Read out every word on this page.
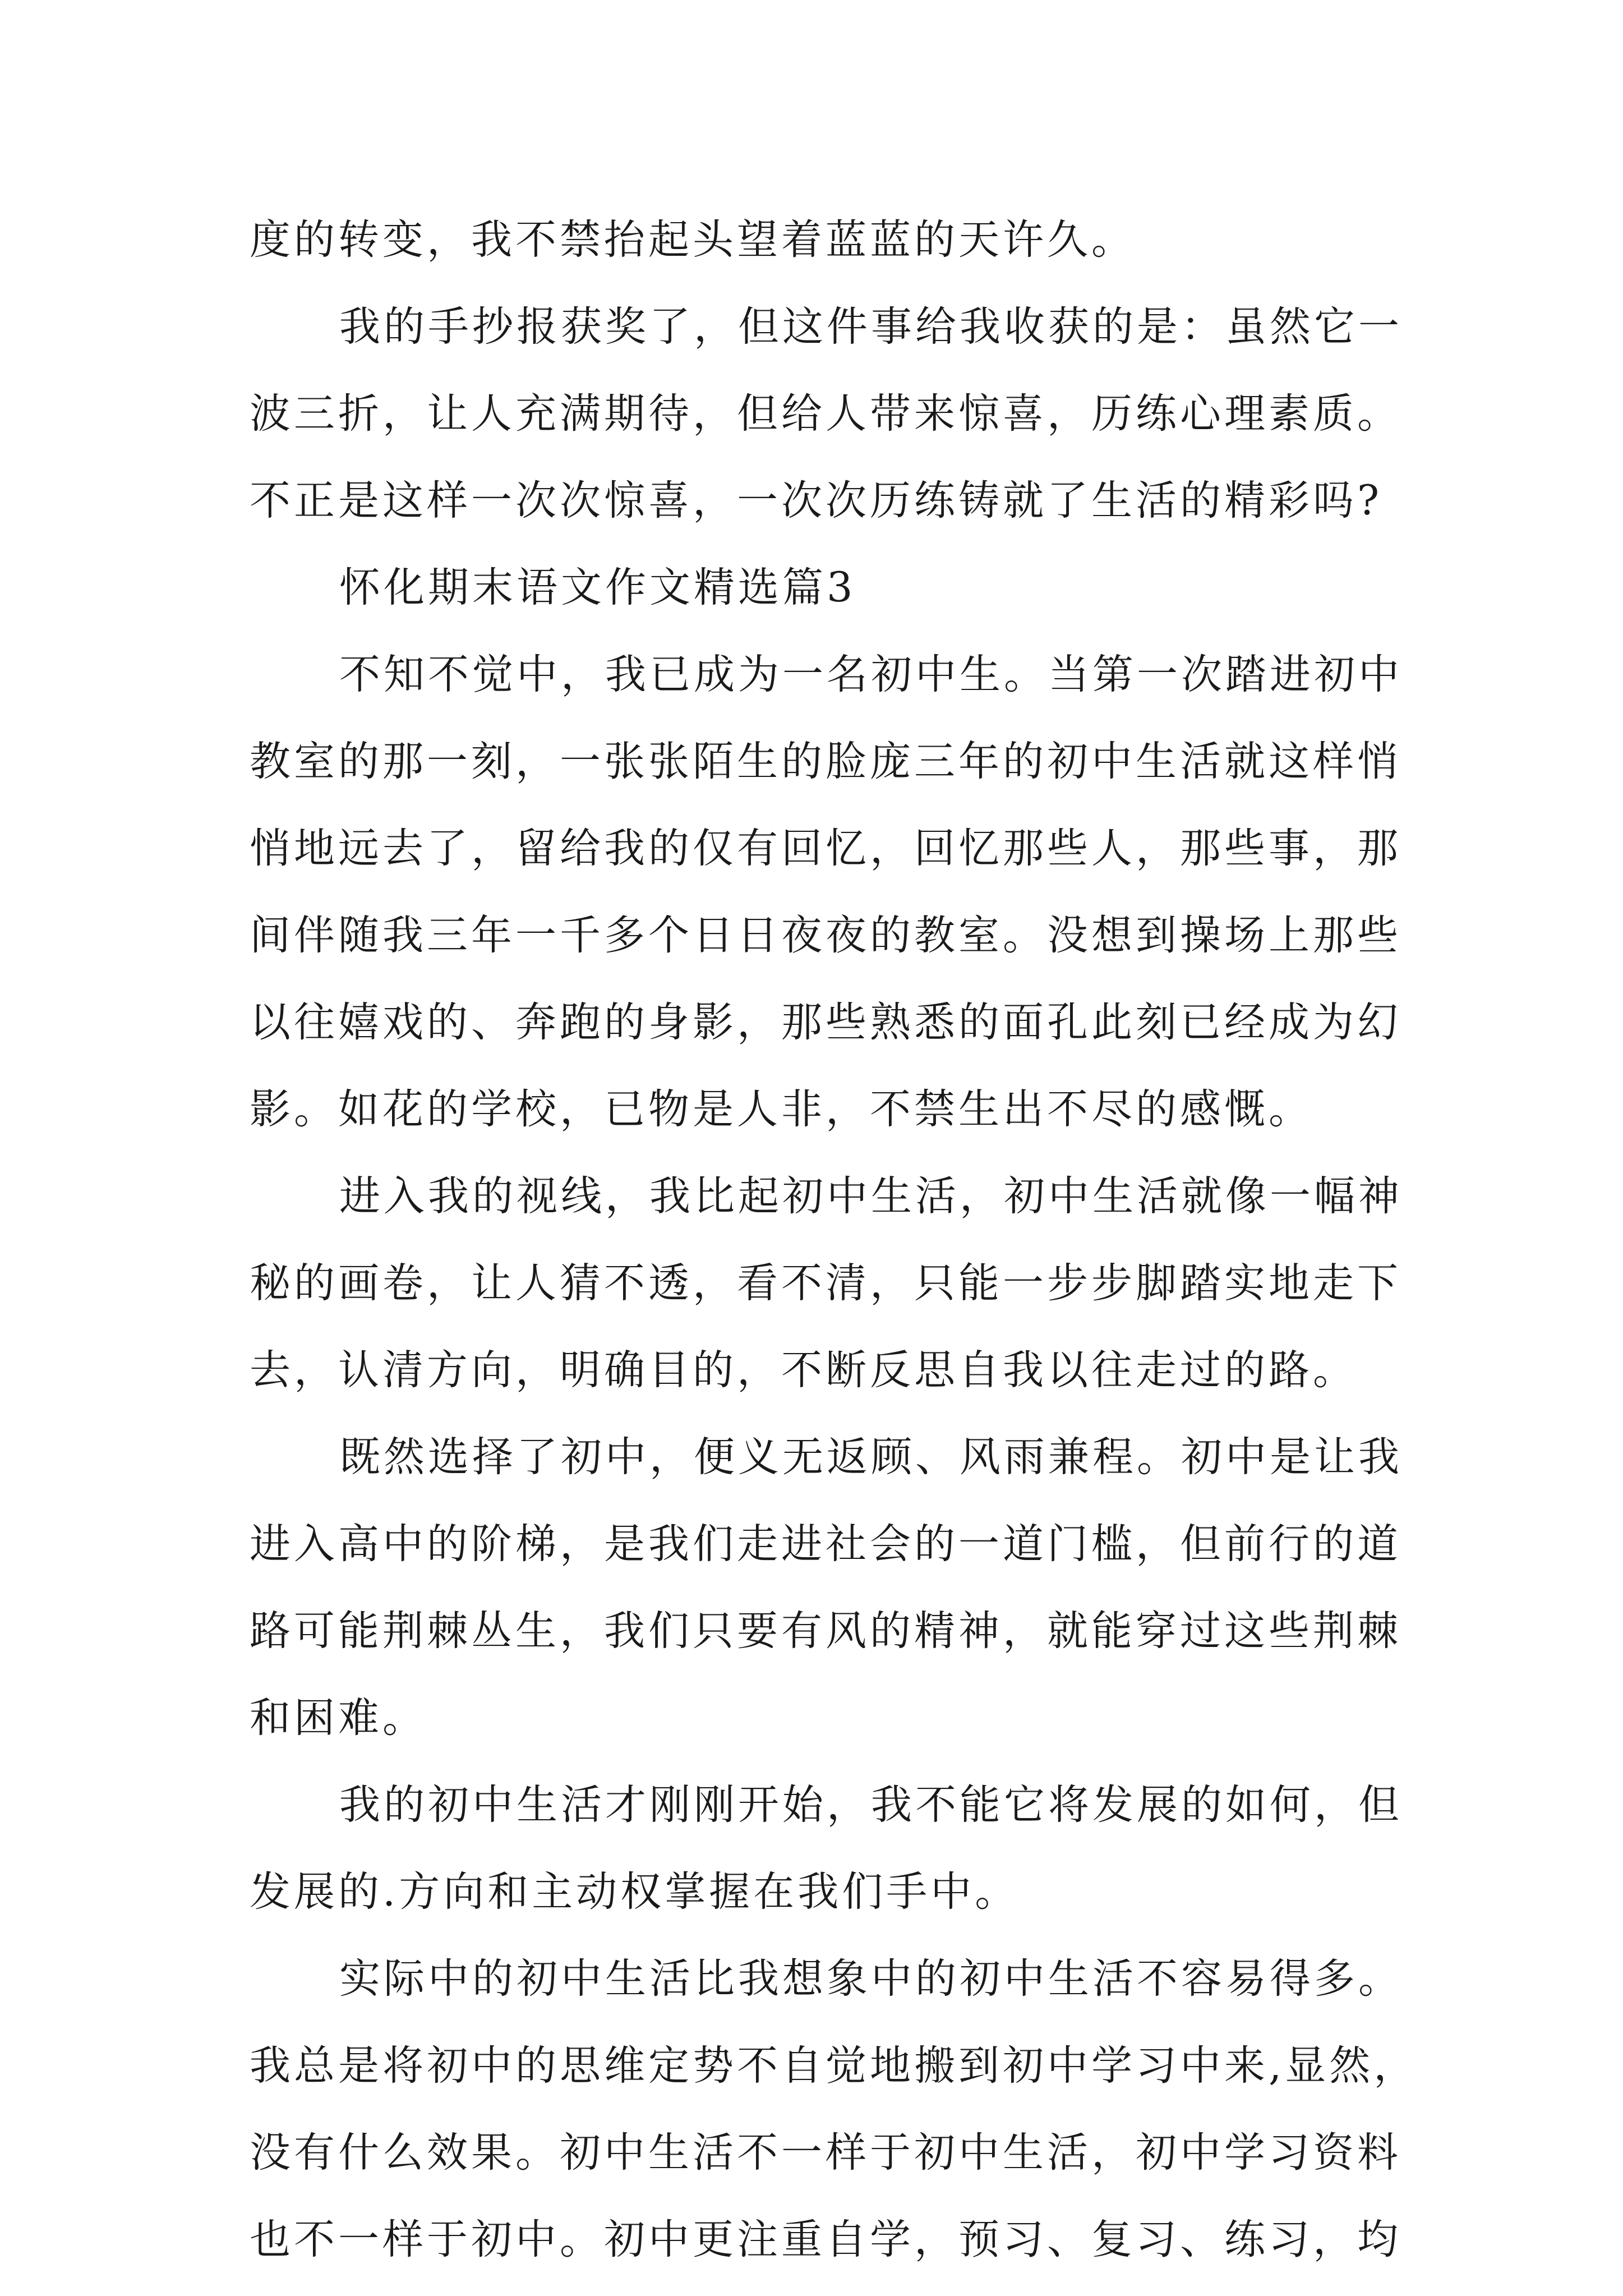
度的转变，我不禁抬起头望着蓝蓝的天许久。
我的手抄报获奖了，但这件事给我收获的是：虽然它一
波三折，让人充满期待，但给人带来惊喜，历练心理素质。
不正是这样一次次惊喜，一次次历练铸就了生活的精彩吗?
怀化期末语文作文精选篇3
不知不觉中，我已成为一名初中生。当第一次踏进初中
教室的那一刻，一张张陌生的脸庞三年的初中生活就这样悄
悄地远去了，留给我的仅有回忆，回忆那些人，那些事，那
间伴随我三年一千多个日日夜夜的教室。没想到操场上那些
以往嬉戏的、奔跑的身影，那些熟悉的面孔此刻已经成为幻
影。如花的学校，已物是人非，不禁生出不尽的感慨。
进入我的视线，我比起初中生活，初中生活就像一幅神
秘的画卷，让人猜不透，看不清，只能一步步脚踏实地走下
去，认清方向，明确目的，不断反思自我以往走过的路。
既然选择了初中，便义无返顾、风雨兼程。初中是让我
进入高中的阶梯，是我们走进社会的一道门槛，但前行的道
路可能荆棘丛生，我们只要有风的精神，就能穿过这些荆棘
和困难。
我的初中生活才刚刚开始，我不能它将发展的如何，但
发展的.方向和主动权掌握在我们手中。
实际中的初中生活比我想象中的初中生活不容易得多。
我总是将初中的思维定势不自觉地搬到初中学习中来,显然，
没有什么效果。初中生活不一样于初中生活，初中学习资料
也不一样于初中。初中更注重自学，预习、复习、练习，均
